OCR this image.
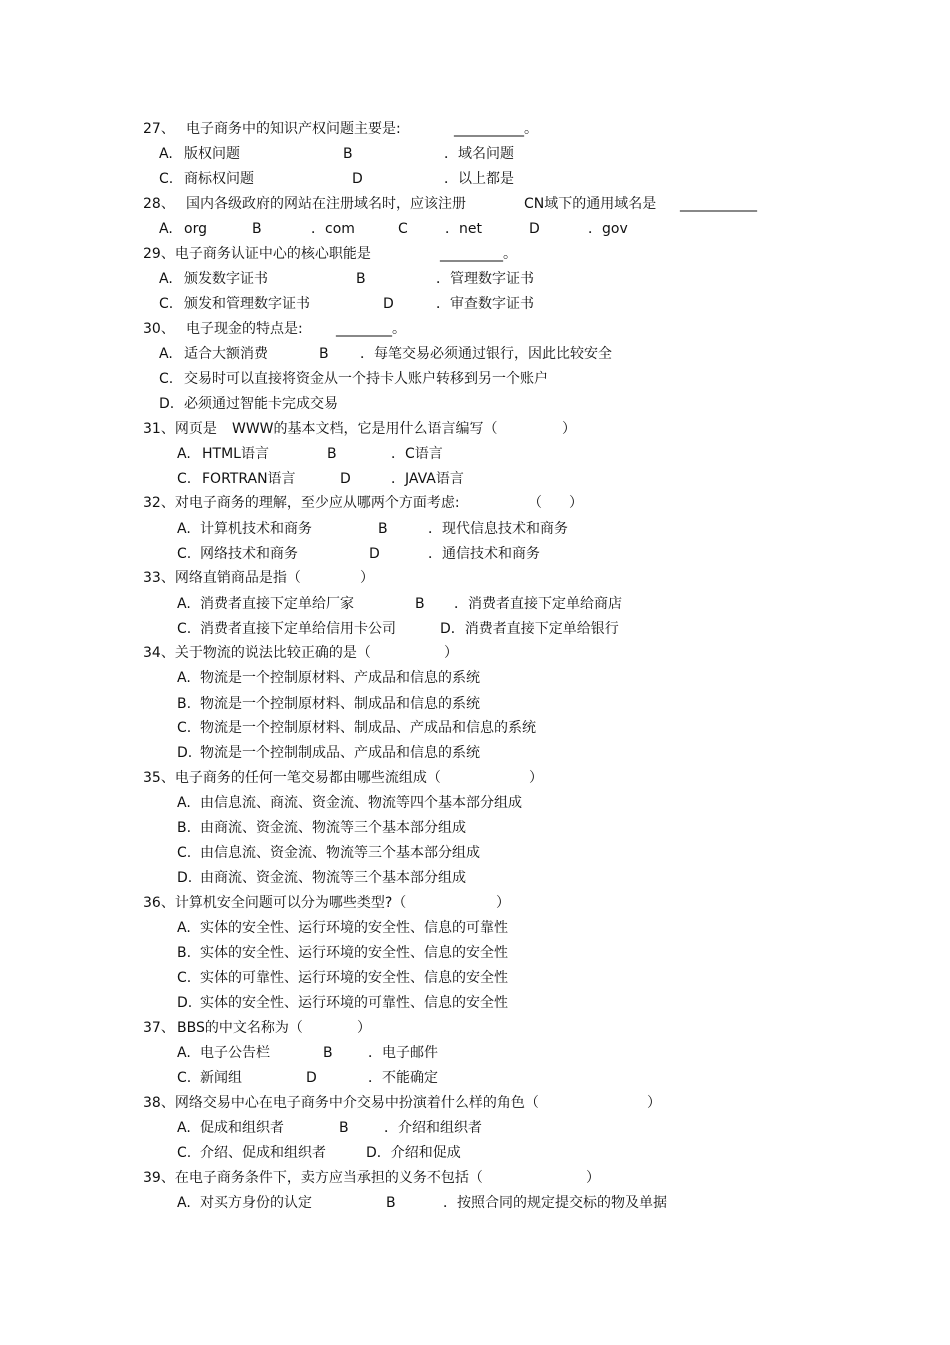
27、 电子商务中的知识产权问题主要是:	__________。
A. 版权问题	B	．域名问题
C. 商标权问题	D	．以上都是
28、 国内各级政府的网站在注册域名时，应该注册	CN域下的通用域名是 ___________
A. org	B	．com	C	．net	D	．gov
29、电子商务认证中心的核心职能是	_________。
A. 颁发数字证书	B	．管理数字证书
C. 颁发和管理数字证书	D	．审查数字证书
30、 电子现金的特点是: ________。
A. 适合大额消费	B ．每笔交易必须通过银行，因此比较安全
C. 交易时可以直接将资金从一个持卡人账户转移到另一个账户
D. 必须通过智能卡完成交易
31、网页是 WWW的基本文档，它是用什么语言编写（	）
A. HTML语言	B	．C语言
C. FORTRAN语言	D	．JAVA语言
32、对电子商务的理解，至少应从哪两个方面考虑:	（ ）
A. 计算机技术和商务	B	．现代信息技术和商务
C. 网络技术和商务	D	．通信技术和商务
33、网络直销商品是指（	）
A. 消费者直接下定单给厂家	B ．消费者直接下定单给商店
C. 消费者直接下定单给信用卡公司	D．消费者直接下定单给银行
34、关于物流的说法比较正确的是（	）
A. 物流是一个控制原材料、产成品和信息的系统
B. 物流是一个控制原材料、制成品和信息的系统
C. 物流是一个控制原材料、制成品、产成品和信息的系统
D. 物流是一个控制制成品、产成品和信息的系统
35、电子商务的任何一笔交易都由哪些流组成（	）
A. 由信息流、商流、资金流、物流等四个基本部分组成
B. 由商流、资金流、物流等三个基本部分组成
C. 由信息流、资金流、物流等三个基本部分组成
D. 由商流、资金流、物流等三个基本部分组成
36、计算机安全问题可以分为哪些类型?（	）
A. 实体的安全性、运行环境的安全性、信息的可靠性
B. 实体的安全性、运行环境的安全性、信息的安全性
C. 实体的可靠性、运行环境的安全性、信息的安全性
D. 实体的安全性、运行环境的可靠性、信息的安全性
37、 BBS的中文名称为（	）
A. 电子公告栏	B	．电子邮件
C. 新闻组	D	．不能确定
38、网络交易中心在电子商务中介交易中扮演着什么样的角色（	）
A. 促成和组织者	B	．介绍和组织者
C. 介绍、促成和组织者	D．介绍和促成
39、在电子商务条件下，卖方应当承担的义务不包括（	）
A. 对买方身份的认定	B	．按照合同的规定提交标的物及单据
